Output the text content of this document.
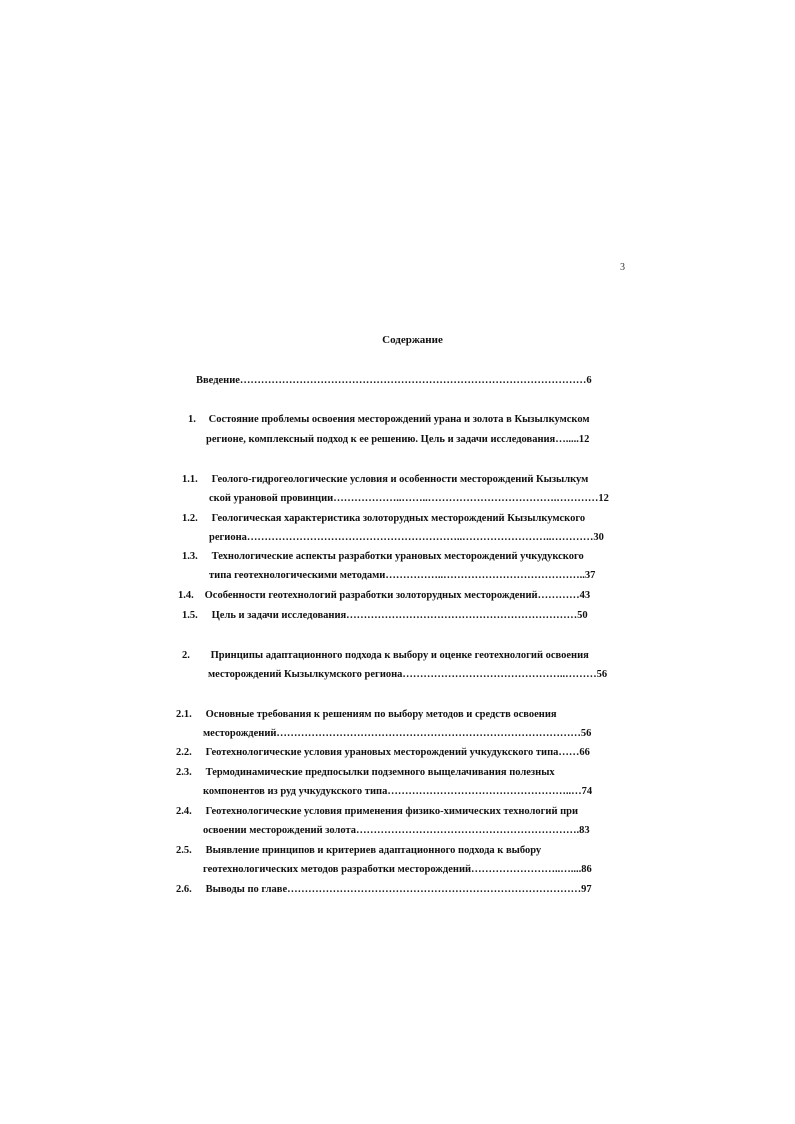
3
Содержание
Введение………………………………………………………………………………………6
1. Состояние проблемы освоения месторождений урана и золота в Кызылкумском
регионе, комплексный подход к ее решению. Цель и задачи исследования….....12
1.1. Геолого-гидрогеологические условия и особенности месторождений Кызылкум
ской урановой провинции………………..……..……………………………….…………12
1.2. Геологическая характеристика золоторудных месторождений Кызылкумского
региона……………………………………………………..……………………..…………30
1.3. Технологические аспекты разработки урановых месторождений учкудукского
типа геотехнологическими методами……………..…………………………………..37
1.4. Особенности геотехнологий разработки золоторудных месторождений…………43
1.5. Цель и задачи исследования…………………………………………………………50
2. Принципы адаптационного подхода к выбору и оценке геотехнологий освоения
месторождений Кызылкумского региона………………………………………..………56
2.1. Основные требования к решениям по выбору методов и средств освоения
месторождений……………………………………………………………………………56
2.2. Геотехнологические условия урановых месторождений учкудукского типа……66
2.3. Термодинамические предпосылки подземного выщелачивания полезных
компонентов из руд учкудукского типа……………………………………………..…74
2.4. Геотехнологические условия применения физико-химических технологий при
освоении месторождений золота……………………………………………………….83
2.5. Выявление принципов и критериев адаптационного подхода к выбору
геотехнологических методов разработки месторождений……………………..…....86
2.6. Выводы по главе…………………………………………………………………………97
